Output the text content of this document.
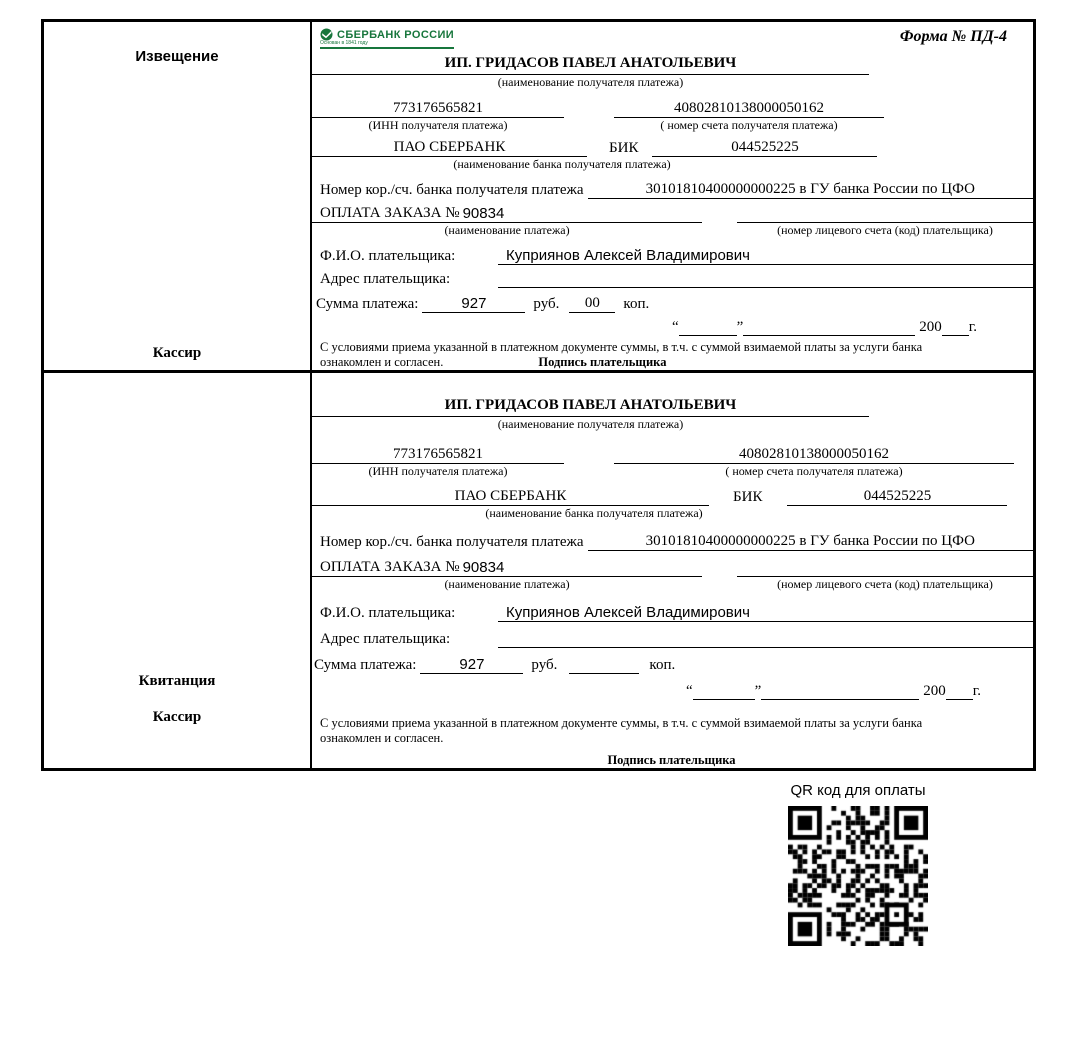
Извещение
Кассир
СБЕРБАНК РОССИИ
Основан в 1841 году	Форма № ПД-4
ИП. ГРИДАСОВ ПАВЕЛ АНАТОЛЬЕВИЧ
(наименование получателя платежа)
773176565821	40802810138000050162
(ИНН получателя платежа)	( номер счета получателя платежа)
ПАО СБЕРБАНК	БИК	044525225
(наименование банка получателя платежа)
Номер кор./сч. банка получателя платежа	30101810400000000225 в ГУ банка России по ЦФО
ОПЛАТА ЗАКАЗА № 90834
(наименование платежа)	(номер лицевого счета (код) плательщика)
Ф.И.О. плательщика:	Куприянов Алексей Владимирович
Адрес плательщика:
Сумма платежа:	927	руб.	00	коп.
“	”	200 г.
С условиями приема указанной в платежном документе суммы, в т.ч. с суммой взимаемой платы за услуги банка
ознакомлен и согласен.	Подпись плательщика
Квитанция
Кассир
ИП. ГРИДАСОВ ПАВЕЛ АНАТОЛЬЕВИЧ
(наименование получателя платежа)
773176565821	40802810138000050162
(ИНН получателя платежа)	( номер счета получателя платежа)
ПАО СБЕРБАНК	БИК	044525225
(наименование банка получателя платежа)
Номер кор./сч. банка получателя платежа	30101810400000000225 в ГУ банка России по ЦФО
ОПЛАТА ЗАКАЗА № 90834
(наименование платежа)	(номер лицевого счета (код) плательщика)
Ф.И.О. плательщика:	Куприянов Алексей Владимирович
Адрес плательщика:
Сумма платежа:	927	руб.	коп.
“	”	200 г.
С условиями приема указанной в платежном документе суммы, в т.ч. с суммой взимаемой платы за услуги банка
ознакомлен и согласен.
Подпись плательщика
QR код для оплаты
